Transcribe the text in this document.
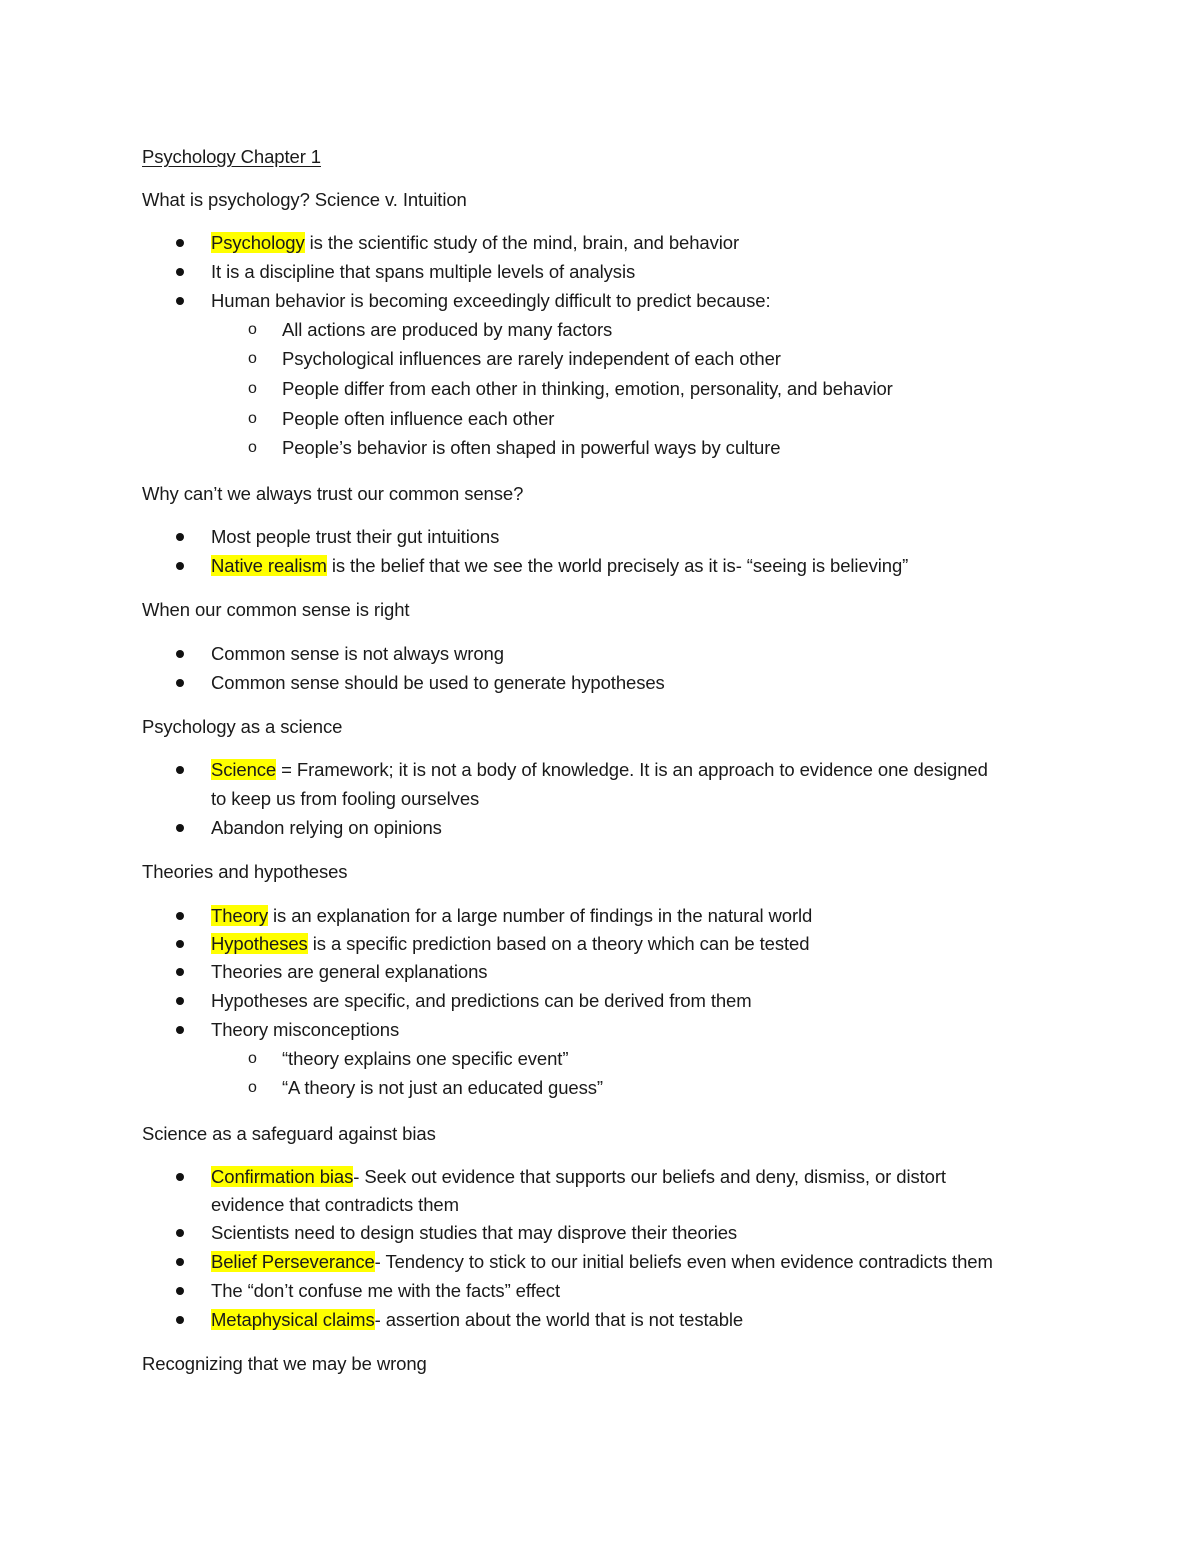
Psychology Chapter 1
What is psychology? Science v. Intuition
Psychology is the scientific study of the mind, brain, and behavior
It is a discipline that spans multiple levels of analysis
Human behavior is becoming exceedingly difficult to predict because:
o All actions are produced by many factors
o Psychological influences are rarely independent of each other
o People differ from each other in thinking, emotion, personality, and behavior
o People often influence each other
o People’s behavior is often shaped in powerful ways by culture
Why can’t we always trust our common sense?
Most people trust their gut intuitions
Native realism is the belief that we see the world precisely as it is- “seeing is believing”
When our common sense is right
Common sense is not always wrong
Common sense should be used to generate hypotheses
Psychology as a science
Science = Framework; it is not a body of knowledge. It is an approach to evidence one designed
to keep us from fooling ourselves
Abandon relying on opinions
Theories and hypotheses
Theory is an explanation for a large number of findings in the natural world
Hypotheses is a specific prediction based on a theory which can be tested
Theories are general explanations
Hypotheses are specific, and predictions can be derived from them
Theory misconceptions
o “theory explains one specific event”
o “A theory is not just an educated guess”
Science as a safeguard against bias
Confirmation bias- Seek out evidence that supports our beliefs and deny, dismiss, or distort
evidence that contradicts them
Scientists need to design studies that may disprove their theories
Belief Perseverance- Tendency to stick to our initial beliefs even when evidence contradicts them
The “don’t confuse me with the facts” effect
Metaphysical claims- assertion about the world that is not testable
Recognizing that we may be wrong
